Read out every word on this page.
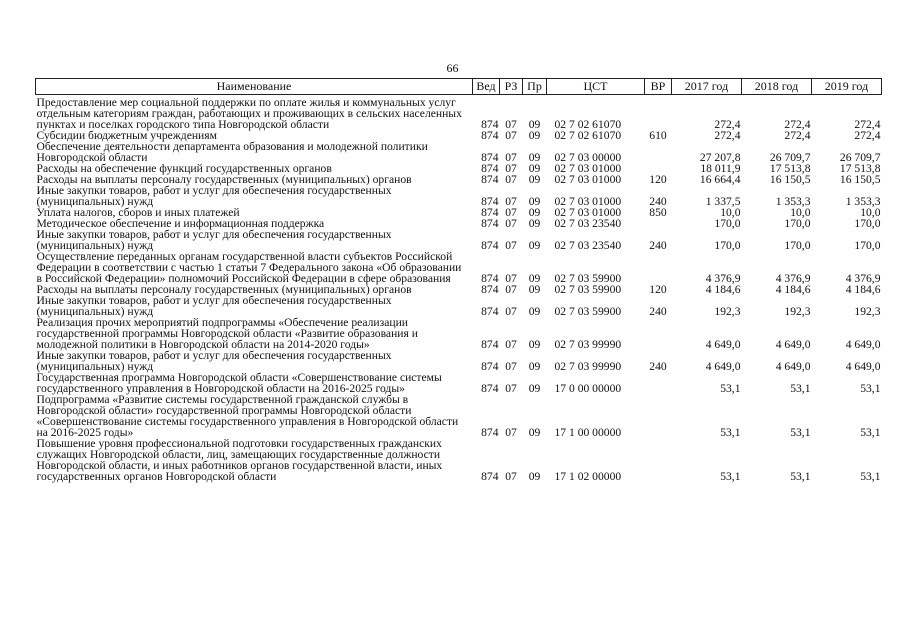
66
Наименование	Вед	РЗ	Пр	ЦСТ	ВР	2017 год	2018 год	2019 год

Предоставление мер социальной поддержки по оплате жилья и коммунальных услуг отдельным категориям граждан, работающих и проживающих в сельских населенных пунктах и поселках городского типа Новгородской области	874	07	09	02 7 02 61070		272,4	272,4	272,4
Субсидии бюджетным учреждениям	874	07	09	02 7 02 61070	610	272,4	272,4	272,4
Обеспечение деятельности департамента образования и молодежной политики Новгородской области	874	07	09	02 7 03 00000		27 207,8	26 709,7	26 709,7
Расходы на обеспечение функций государственных органов	874	07	09	02 7 03 01000		18 011,9	17 513,8	17 513,8
Расходы на выплаты персоналу государственных (муниципальных) органов	874	07	09	02 7 03 01000	120	16 664,4	16 150,5	16 150,5
Иные закупки товаров, работ и услуг для обеспечения государственных (муниципальных) нужд	874	07	09	02 7 03 01000	240	1 337,5	1 353,3	1 353,3
Уплата налогов, сборов и иных платежей	874	07	09	02 7 03 01000	850	10,0	10,0	10,0
Методическое обеспечение и информационная поддержка	874	07	09	02 7 03 23540		170,0	170,0	170,0
Иные закупки товаров, работ и услуг для обеспечения государственных (муниципальных) нужд	874	07	09	02 7 03 23540	240	170,0	170,0	170,0
Осуществление переданных органам государственной власти субъектов Российской Федерации в соответствии с частью 1 статьи 7 Федерального закона «Об образовании в Российской Федерации» полномочий Российской Федерации в сфере образования	874	07	09	02 7 03 59900		4 376,9	4 376,9	4 376,9
Расходы на выплаты персоналу государственных (муниципальных) органов	874	07	09	02 7 03 59900	120	4 184,6	4 184,6	4 184,6
Иные закупки товаров, работ и услуг для обеспечения государственных (муниципальных) нужд	874	07	09	02 7 03 59900	240	192,3	192,3	192,3
Реализация прочих мероприятий подпрограммы «Обеспечение реализации государственной программы Новгородской области «Развитие образования и молодежной политики в Новгородской области на 2014-2020 годы»	874	07	09	02 7 03 99990		4 649,0	4 649,0	4 649,0
Иные закупки товаров, работ и услуг для обеспечения государственных (муниципальных) нужд	874	07	09	02 7 03 99990	240	4 649,0	4 649,0	4 649,0
Государственная программа Новгородской области «Совершенствование системы государственного управления в Новгородской области на 2016-2025 годы»	874	07	09	17 0 00 00000		53,1	53,1	53,1
Подпрограмма «Развитие системы государственной гражданской службы в Новгородской области» государственной программы Новгородской области «Совершенствование системы государственного управления в Новгородской области на 2016-2025 годы»	874	07	09	17 1 00 00000		53,1	53,1	53,1
Повышение уровня профессиональной подготовки государственных гражданских служащих Новгородской области, лиц, замещающих государственные должности Новгородской области, и иных работников органов государственной власти, иных государственных органов Новгородской области	874	07	09	17 1 02 00000		53,1	53,1	53,1
